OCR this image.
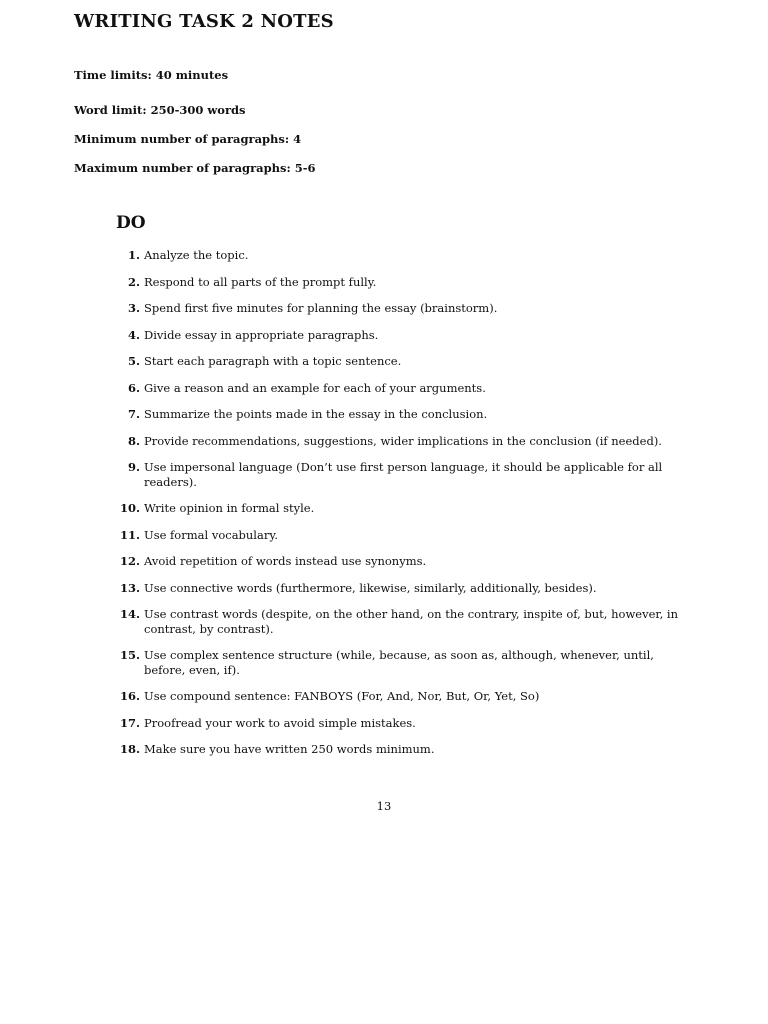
WRITING TASK 2 NOTES
Time limits: 40 minutes
Word limit: 250-300 words
Minimum number of paragraphs: 4
Maximum number of paragraphs: 5-6
DO
1. Analyze the topic.
2. Respond to all parts of the prompt fully.
3. Spend first five minutes for planning the essay (brainstorm).
4. Divide essay in appropriate paragraphs.
5. Start each paragraph with a topic sentence.
6. Give a reason and an example for each of your arguments.
7. Summarize the points made in the essay in the conclusion.
8. Provide recommendations, suggestions, wider implications in the conclusion (if needed).
9. Use impersonal language (Don’t use first person language, it should be applicable for all readers).
10. Write opinion in formal style.
11. Use formal vocabulary.
12. Avoid repetition of words instead use synonyms.
13. Use connective words (furthermore, likewise, similarly, additionally, besides).
14. Use contrast words (despite, on the other hand, on the contrary, inspite of, but, however, in contrast, by contrast).
15. Use complex sentence structure (while, because, as soon as, although, whenever, until, before, even, if).
16. Use compound sentence: FANBOYS (For, And, Nor, But, Or, Yet, So)
17. Proofread your work to avoid simple mistakes.
18. Make sure you have written 250 words minimum.
13
